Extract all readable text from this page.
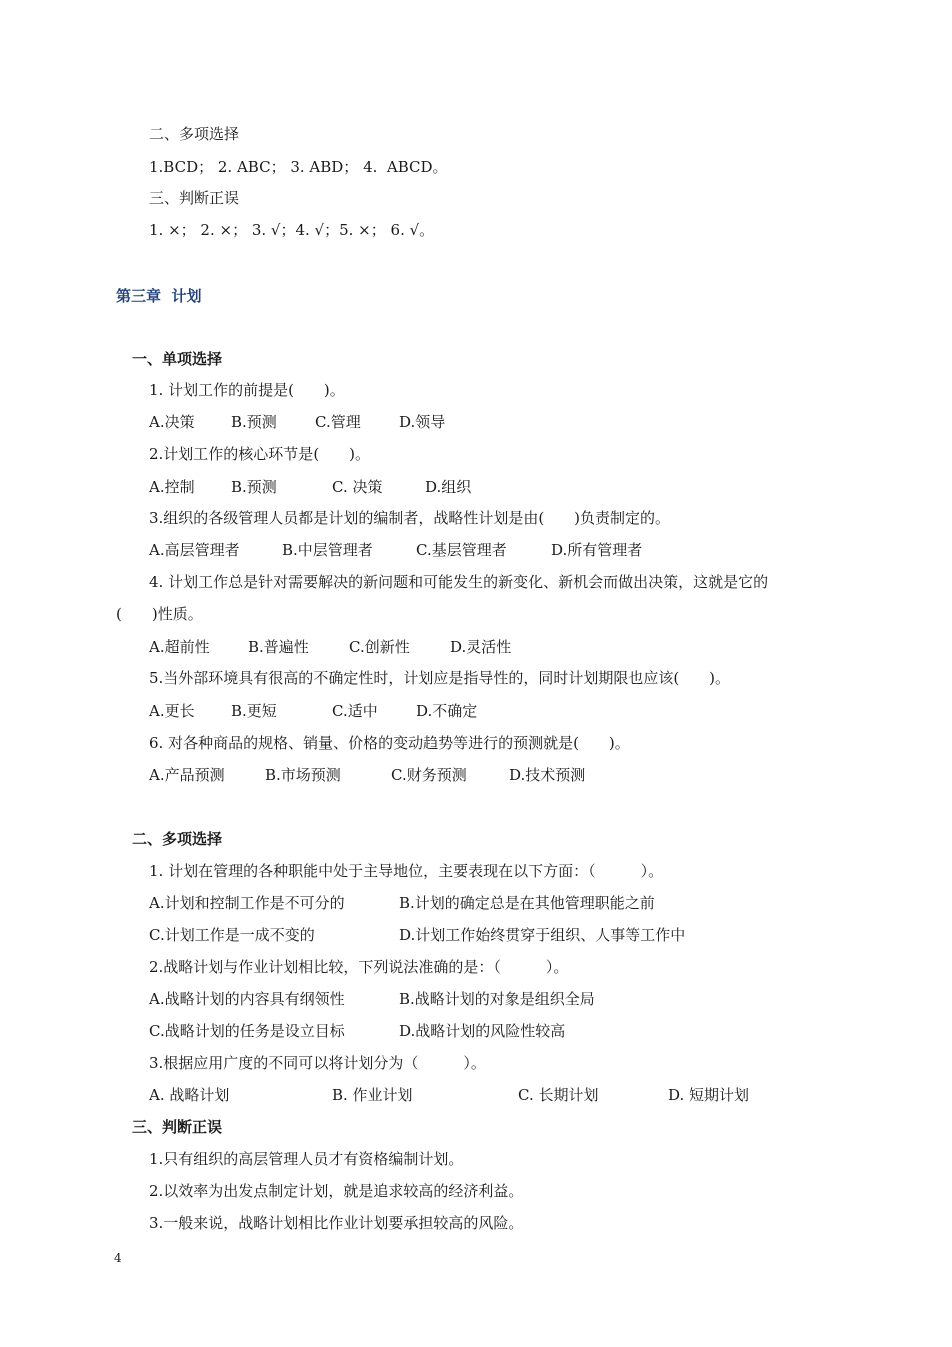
二、多项选择
1.BCD； 2. ABC； 3. ABD； 4.  ABCD。
三、判断正误
1. ×； 2. ×； 3. √；4. √；5. ×； 6. √。
第三章  计划
一、单项选择
1. 计划工作的前提是(　　)。
A.决策 B.预测	C.管理	D.领导
2.计划工作的核心环节是(　　)。
A.控制 B.预测	C. 决策	D.组织
3.组织的各级管理人员都是计划的编制者，战略性计划是由(　　)负责制定的。
A.高层管理者	B.中层管理者	C.基层管理者	D.所有管理者
4. 计划工作总是针对需要解决的新问题和可能发生的新变化、新机会而做出决策，这就是它的
(　　)性质。
A.超前性	B.普遍性	C.创新性	D.灵活性
5.当外部环境具有很高的不确定性时，计划应是指导性的，同时计划期限也应该(　　)。
A.更长 B.更短	C.适中	D.不确定
6. 对各种商品的规格、销量、价格的变动趋势等进行的预测就是(　　)。
A.产品预测	B.市场预测	C.财务预测	D.技术预测
二、多项选择
1. 计划在管理的各种职能中处于主导地位，主要表现在以下方面：（　　　）。
A.计划和控制工作是不可分的	B.计划的确定总是在其他管理职能之前
C.计划工作是一成不变的	D.计划工作始终贯穿于组织、人事等工作中
2.战略计划与作业计划相比较，下列说法准确的是：（　　　）。
A.战略计划的内容具有纲领性	B.战略计划的对象是组织全局
C.战略计划的任务是设立目标	D.战略计划的风险性较高
3.根据应用广度的不同可以将计划分为（　　　）。
A. 战略计划	B. 作业计划	C. 长期计划	D. 短期计划
三、判断正误
1.只有组织的高层管理人员才有资格编制计划。
2.以效率为出发点制定计划，就是追求较高的经济利益。
3.一般来说，战略计划相比作业计划要承担较高的风险。
4
